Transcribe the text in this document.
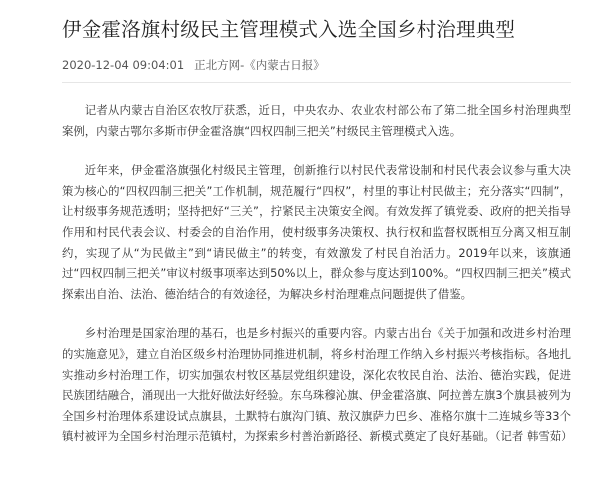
伊金霍洛旗村级民主管理模式入选全国乡村治理典型
2020-12-04 09:04:01 正北方网-《内蒙古日报》

记者从内蒙古自治区农牧厅获悉，近日，中央农办、农业农村部公布了第二批全国乡村治理典型案例，内蒙古鄂尔多斯市伊金霍洛旗“四权四制三把关”村级民主管理模式入选。

近年来，伊金霍洛旗强化村级民主管理，创新推行以村民代表常设制和村民代表会议参与重大决策为核心的“四权四制三把关”工作机制，规范履行“四权”，村里的事让村民做主；充分落实“四制”，让村级事务规范透明；坚持把好“三关”，拧紧民主决策安全阀。有效发挥了镇党委、政府的把关指导作用和村民代表会议、村委会的自治作用，使村级事务决策权、执行权和监督权既相互分离又相互制约，实现了从“为民做主”到“请民做主”的转变，有效激发了村民自治活力。2019年以来，该旗通过“四权四制三把关”审议村级事项率达到50%以上，群众参与度达到100%。“四权四制三把关”模式探索出自治、法治、德治结合的有效途径，为解决乡村治理难点问题提供了借鉴。

乡村治理是国家治理的基石，也是乡村振兴的重要内容。内蒙古出台《关于加强和改进乡村治理的实施意见》，建立自治区级乡村治理协同推进机制，将乡村治理工作纳入乡村振兴考核指标。各地扎实推动乡村治理工作，切实加强农村牧区基层党组织建设，深化农牧民自治、法治、德治实践，促进民族团结融合，涌现出一大批好做法好经验。东乌珠穆沁旗、伊金霍洛旗、阿拉善左旗3个旗县被列为全国乡村治理体系建设试点旗县，土默特右旗沟门镇、敖汉旗萨力巴乡、准格尔旗十二连城乡等33个镇村被评为全国乡村治理示范镇村，为探索乡村善治新路径、新模式奠定了良好基础。（记者 韩雪茹）
